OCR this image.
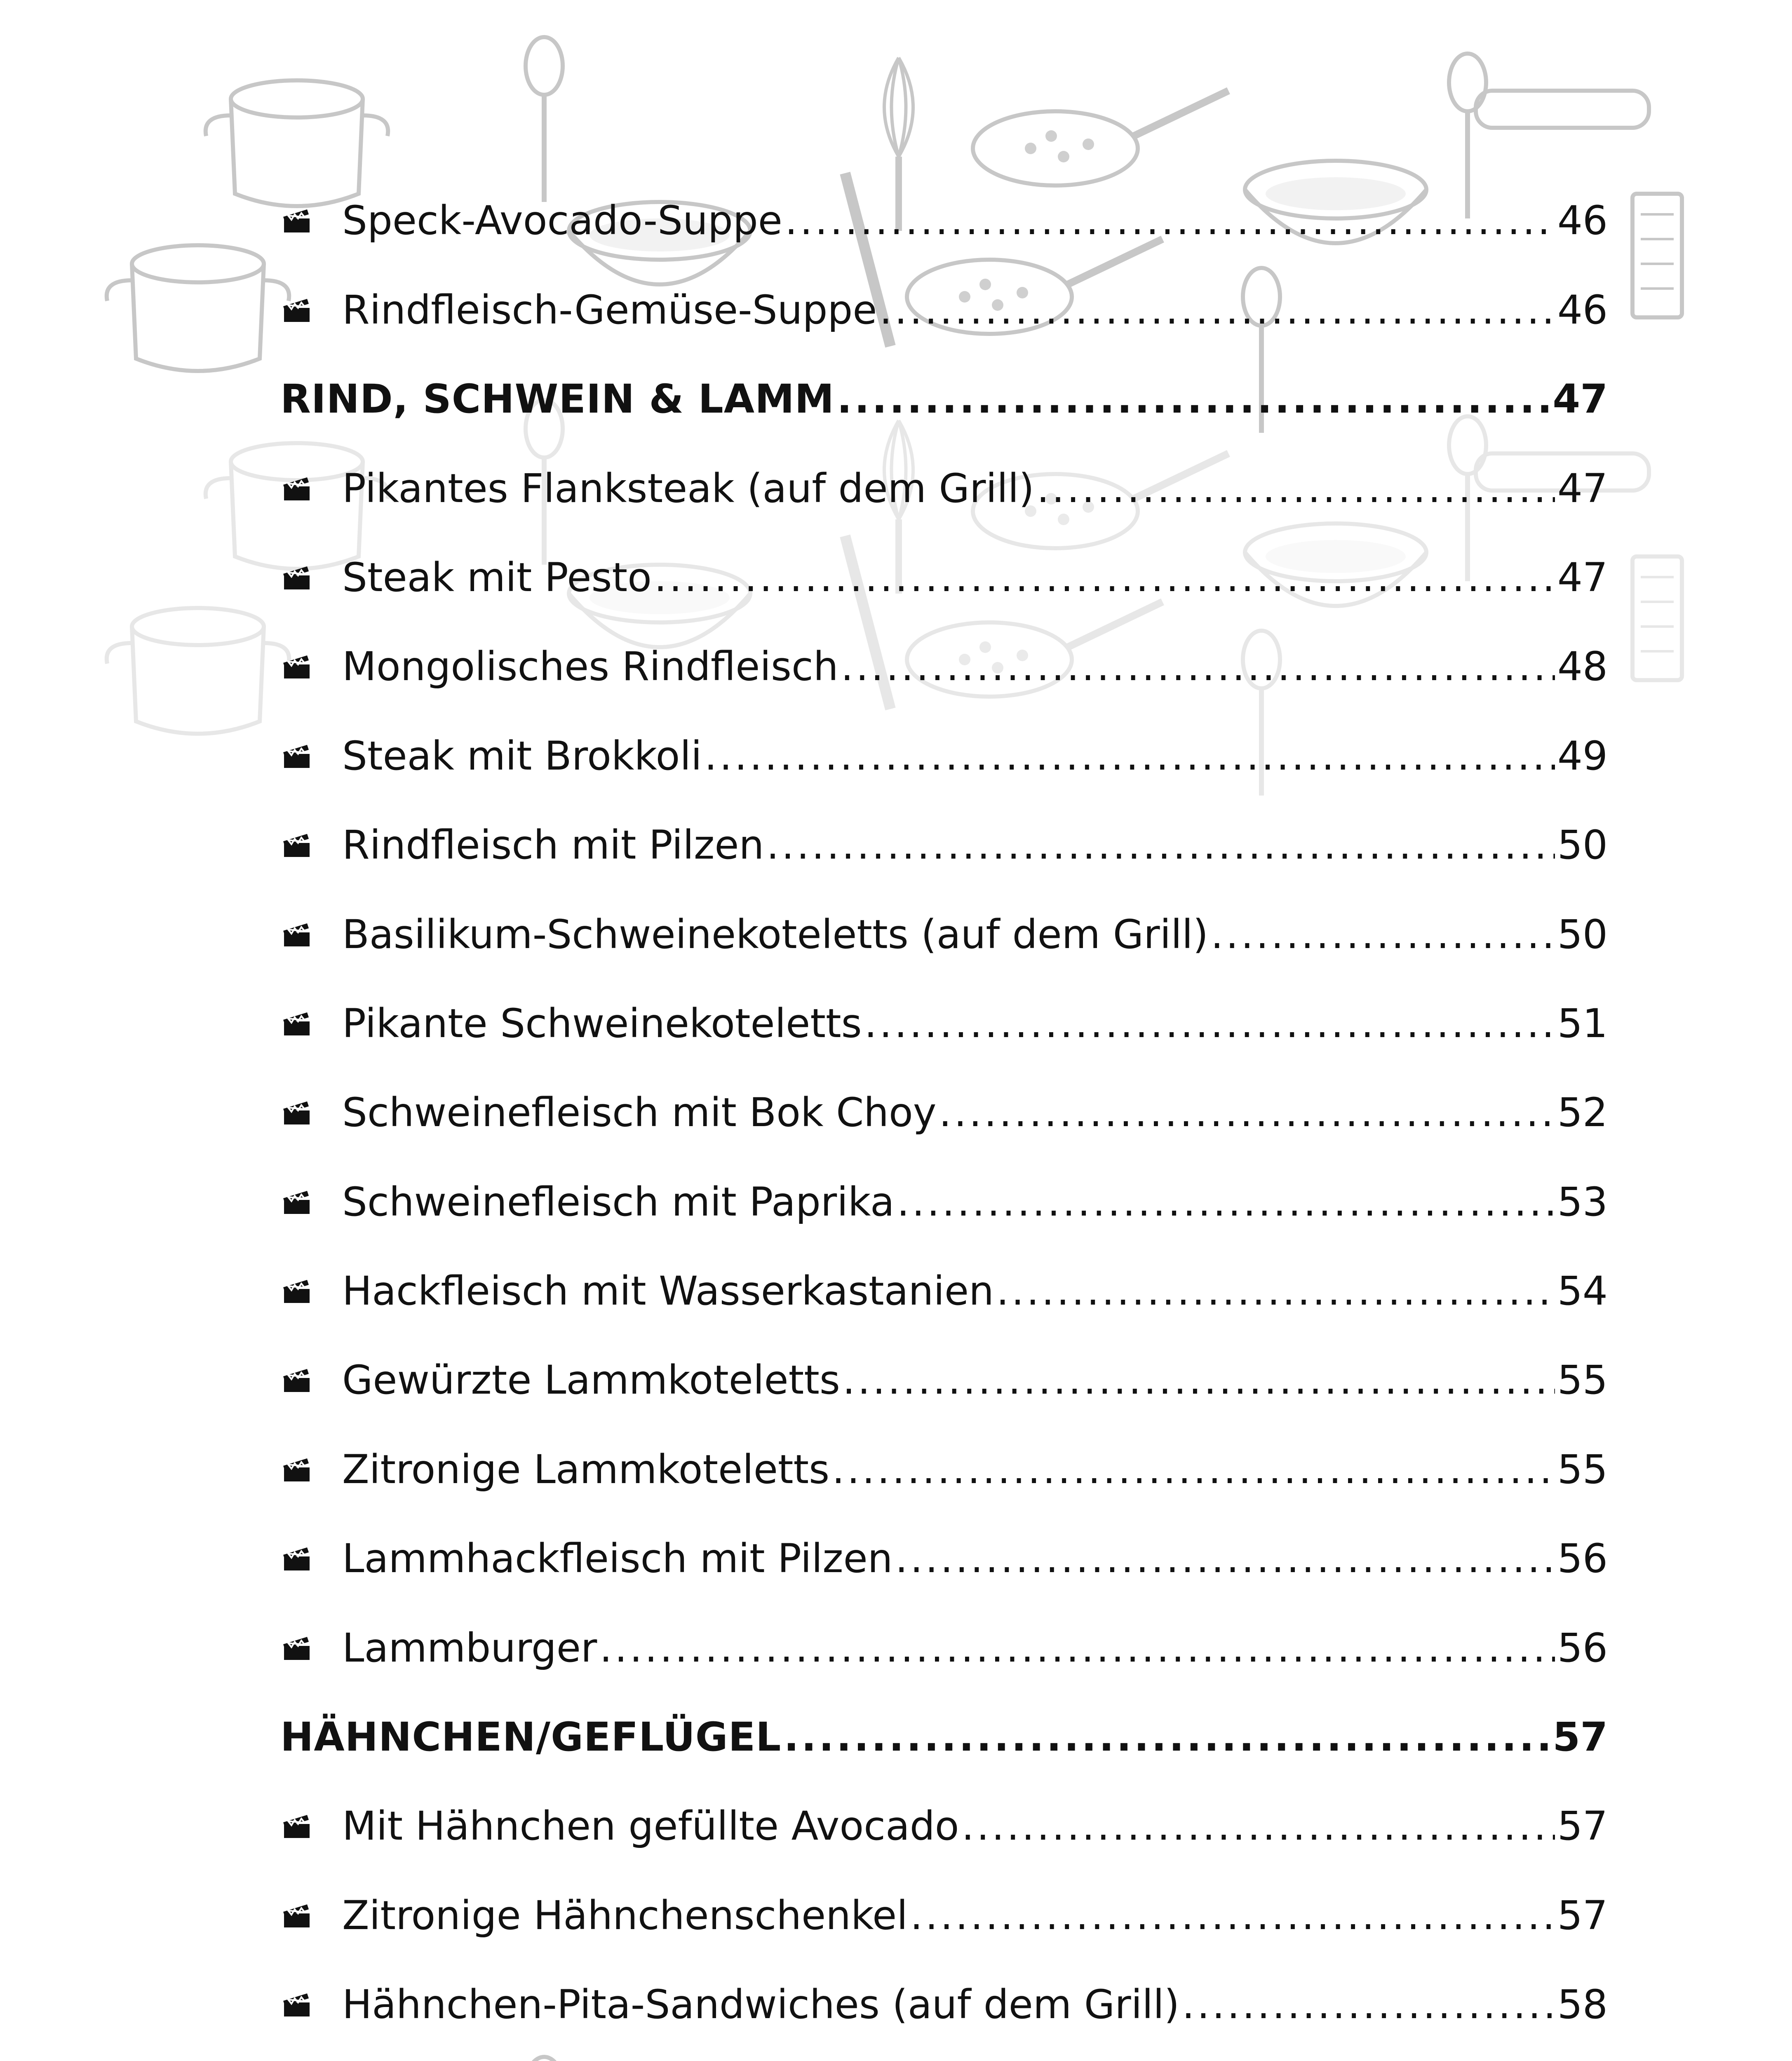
Speck-Avocado-Suppe .....	46
Rindfleisch-Gemüse-Suppe .....	46
RIND, SCHWEIN & LAMM .....	47
Pikantes Flanksteak (auf dem Grill) .....	47
Steak mit Pesto .....	47
Mongolisches Rindfleisch .....	48
Steak mit Brokkoli .....	49
Rindfleisch mit Pilzen .....	50
Basilikum-Schweinekoteletts (auf dem Grill) .....	50
Pikante Schweinekoteletts .....	51
Schweinefleisch mit Bok Choy .....	52
Schweinefleisch mit Paprika .....	53
Hackfleisch mit Wasserkastanien .....	54
Gewürzte Lammkoteletts .....	55
Zitronige Lammkoteletts .....	55
Lammhackfleisch mit Pilzen .....	56
Lammburger .....	56
HÄHNCHEN/GEFLÜGEL .....	57
Mit Hähnchen gefüllte Avocado .....	57
Zitronige Hähnchenschenkel .....	57
Hähnchen-Pita-Sandwiches (auf dem Grill) .....	58
